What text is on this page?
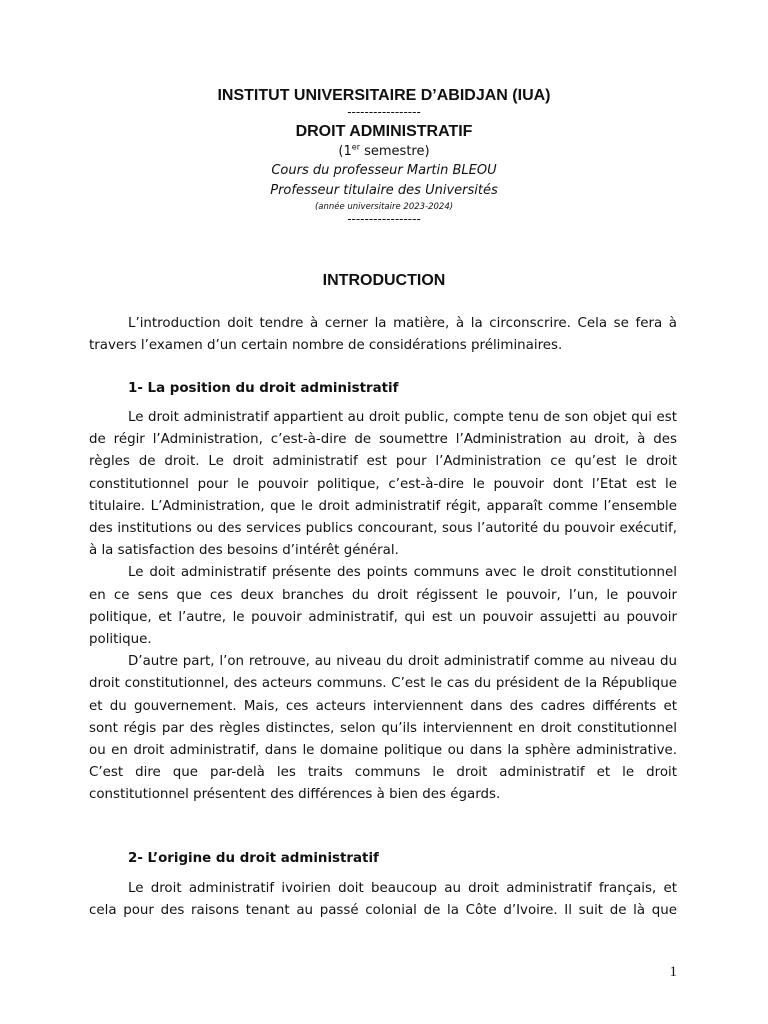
INSTITUT UNIVERSITAIRE D’ABIDJAN (IUA)
-----------------
DROIT ADMINISTRATIF
(1er semestre)
Cours du professeur Martin BLEOU
Professeur titulaire des Universités
(année universitaire 2023-2024)
-----------------
INTRODUCTION

L’introduction doit tendre à cerner la matière, à la circonscrire. Cela se fera à travers l’examen d’un certain nombre de considérations préliminaires.

1- La position du droit administratif

Le droit administratif appartient au droit public, compte tenu de son objet qui est de régir l’Administration, c’est-à-dire de soumettre l’Administration au droit, à des règles de droit. Le droit administratif est pour l’Administration ce qu’est le droit constitutionnel pour le pouvoir politique, c’est-à-dire le pouvoir dont l’Etat est le titulaire. L’Administration, que le droit administratif régit, apparaît comme l’ensemble des institutions ou des services publics concourant, sous l’autorité du pouvoir exécutif, à la satisfaction des besoins d’intérêt général.

Le doit administratif présente des points communs avec le droit constitutionnel en ce sens que ces deux branches du droit régissent le pouvoir, l’un, le pouvoir politique, et l’autre, le pouvoir administratif, qui est un pouvoir assujetti au pouvoir politique.

D’autre part, l’on retrouve, au niveau du droit administratif comme au niveau du droit constitutionnel, des acteurs communs. C’est le cas du président de la République et du gouvernement. Mais, ces acteurs interviennent dans des cadres différents et sont régis par des règles distinctes, selon qu’ils interviennent en droit constitutionnel ou en droit administratif, dans le domaine politique ou dans la sphère administrative. C’est dire que par-delà les traits communs le droit administratif et le droit constitutionnel présentent des différences à bien des égards.

2- L’origine du droit administratif

Le droit administratif ivoirien doit beaucoup au droit administratif français, et cela pour des raisons tenant au passé colonial de la Côte d’Ivoire. Il suit de là que

1
